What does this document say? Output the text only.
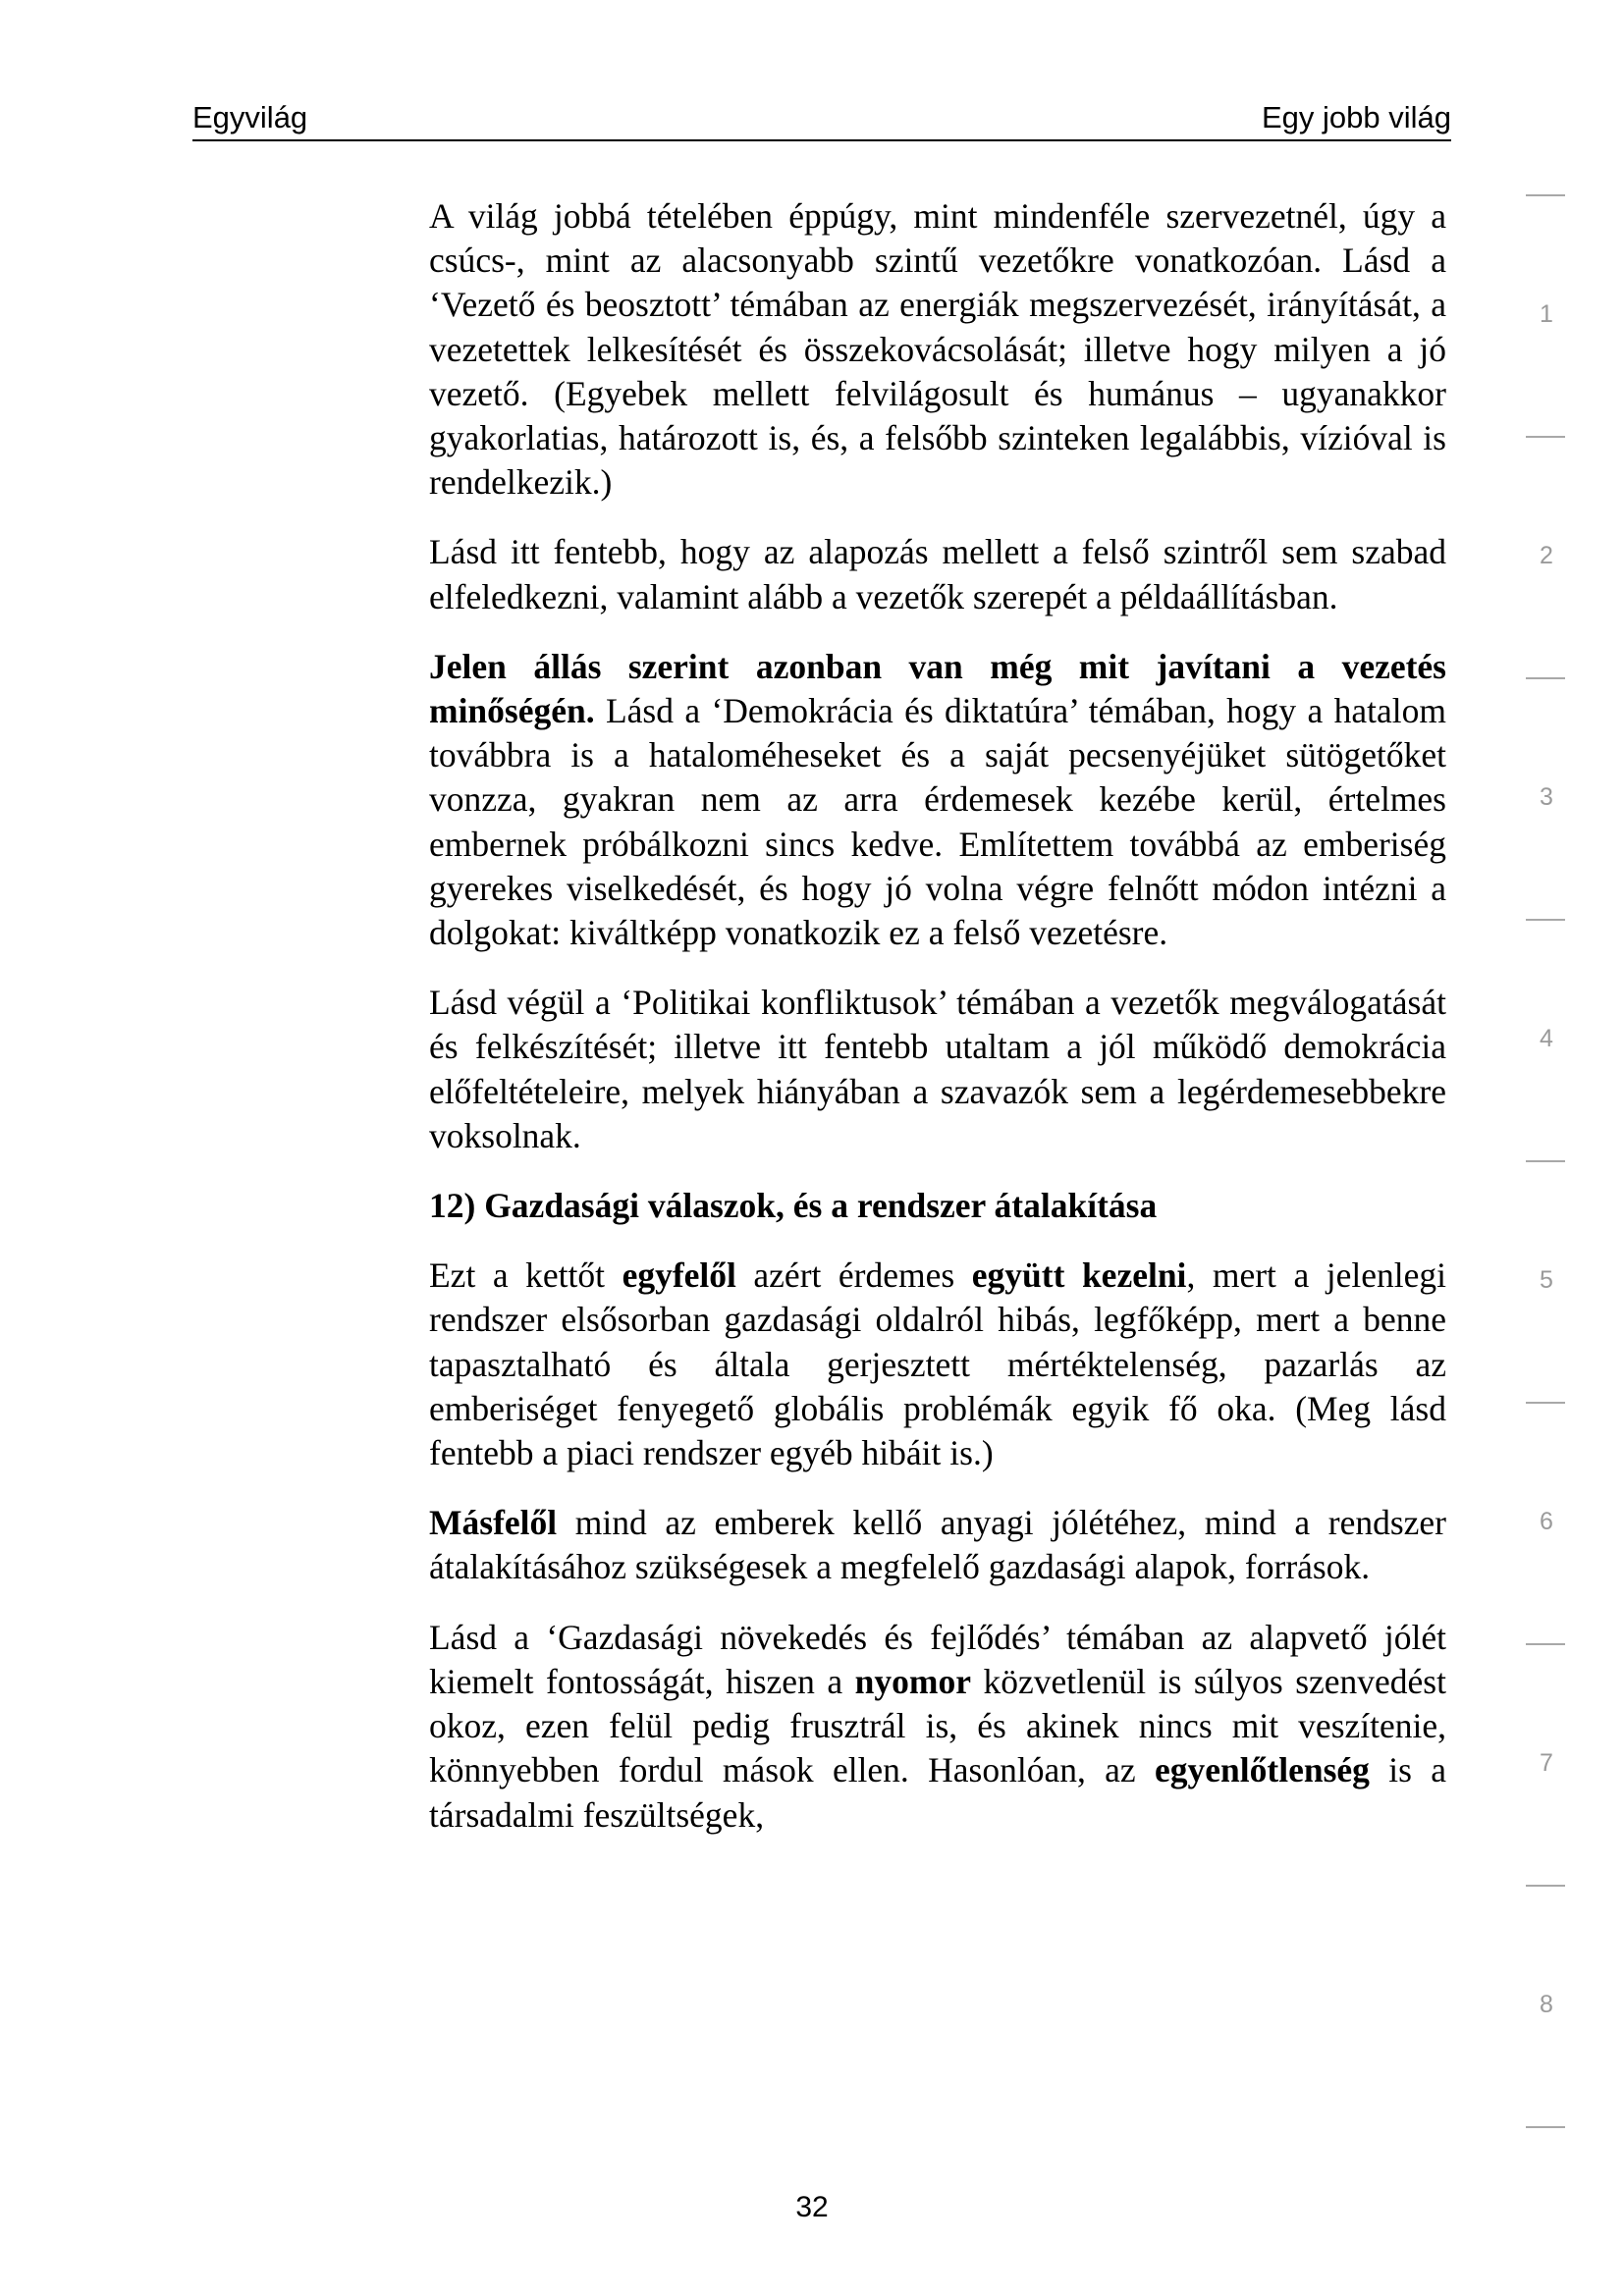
Egyvilág	Egy jobb világ

A világ jobbá tételében éppúgy, mint mindenféle szervezetnél, úgy a csúcs-, mint az alacsonyabb szintű vezetőkre vonatkozóan. Lásd a ‘Vezető és beosztott’ témában az energiák megszervezését, irányítását, a vezetettek lelkesítését és összekovácsolását; illetve hogy milyen a jó vezető. (Egyebek mellett felvilágosult és humánus – ugyanakkor gyakorlatias, határozott is, és, a felsőbb szinteken legalábbis, vízióval is rendelkezik.)

Lásd itt fentebb, hogy az alapozás mellett a felső szintről sem szabad elfeledkezni, valamint alább a vezetők szerepét a példaállításban.

Jelen állás szerint azonban van még mit javítani a vezetés minőségén. Lásd a ‘Demokrácia és diktatúra’ témában, hogy a hatalom továbbra is a hataloméheseket és a saját pecsenyéjüket sütögetőket vonzza, gyakran nem az arra érdemesek kezébe kerül, értelmes embernek próbálkozni sincs kedve. Említettem továbbá az emberiség gyerekes viselkedését, és hogy jó volna végre felnőtt módon intézni a dolgokat: kiváltképp vonatkozik ez a felső vezetésre.

Lásd végül a ‘Politikai konfliktusok’ témában a vezetők megválogatását és felkészítését; illetve itt fentebb utaltam a jól működő demokrácia előfeltételeire, melyek hiányában a szavazók sem a legérdemesebbekre voksolnak.

12) Gazdasági válaszok, és a rendszer átalakítása

Ezt a kettőt egyfelől azért érdemes együtt kezelni, mert a jelenlegi rendszer elsősorban gazdasági oldalról hibás, legfőképp, mert a benne tapasztalható és általa gerjesztett mértéktelenség, pazarlás az emberiséget fenyegető globális problémák egyik fő oka. (Meg lásd fentebb a piaci rendszer egyéb hibáit is.)

Másfelől mind az emberek kellő anyagi jólétéhez, mind a rendszer átalakításához szükségesek a megfelelő gazdasági alapok, források.

Lásd a ‘Gazdasági növekedés és fejlődés’ témában az alapvető jólét kiemelt fontosságát, hiszen a nyomor közvetlenül is súlyos szenvedést okoz, ezen felül pedig frusztrál is, és akinek nincs mit veszítenie, könnyebben fordul mások ellen. Hasonlóan, az egyenlőtlenség is a társadalmi feszültségek,

1
2
3
4
5
6
7
8
32
